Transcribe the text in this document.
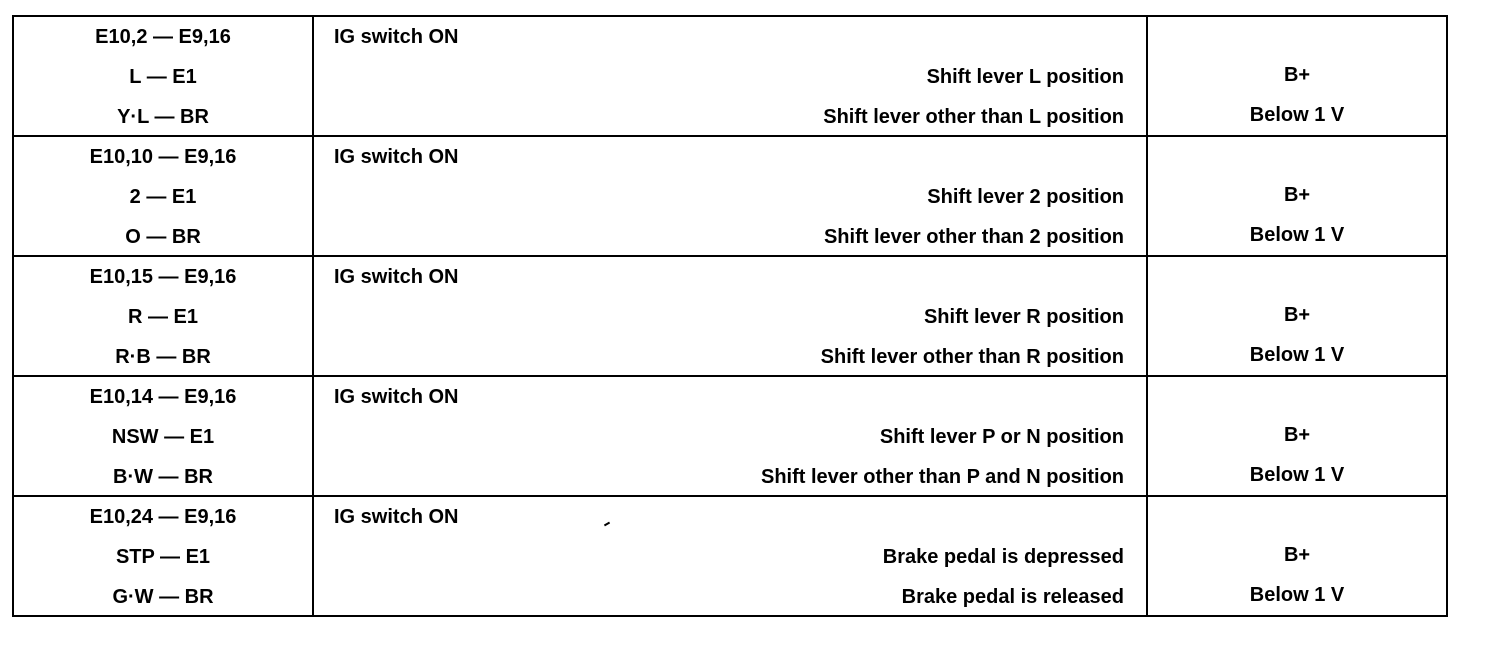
E10,2 — E9,16
L — E1
Y·L — BR
IG switch ON
Shift lever L position
Shift lever other than L position
B+
Below 1 V
E10,10 — E9,16
2 — E1
O — BR
IG switch ON
Shift lever 2 position
Shift lever other than 2 position
B+
Below 1 V
E10,15 — E9,16
R — E1
R·B — BR
IG switch ON
Shift lever R position
Shift lever other than R position
B+
Below 1 V
E10,14 — E9,16
NSW — E1
B·W — BR
IG switch ON
Shift lever P or N position
Shift lever other than P and N position
B+
Below 1 V
E10,24 — E9,16
STP — E1
G·W — BR
IG switch ON
Brake pedal is depressed
Brake pedal is released
B+
Below 1 V
